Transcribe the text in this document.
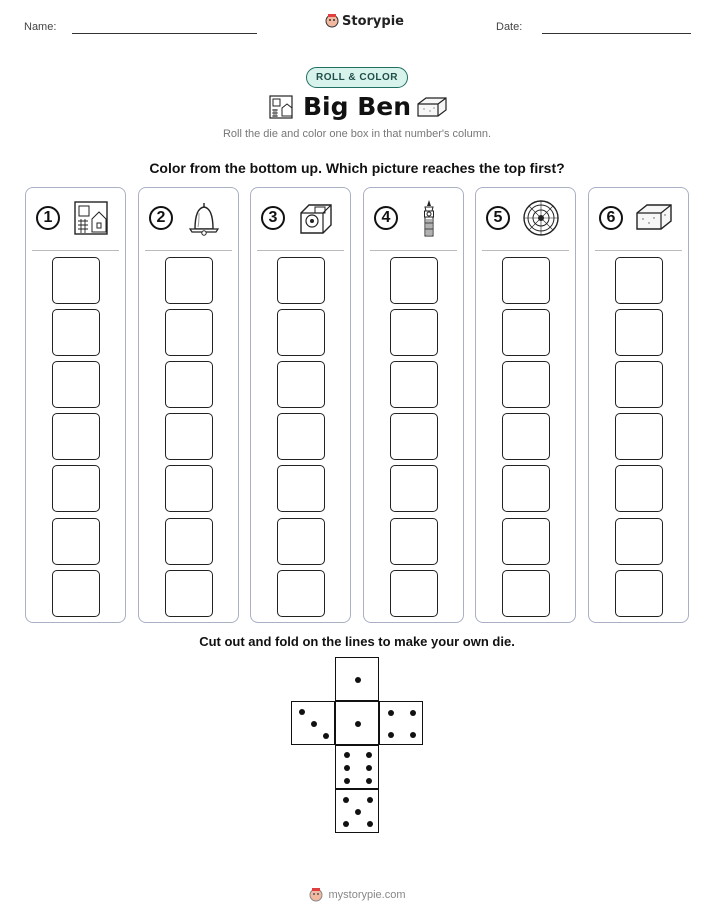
Name:	Storypie	Date:
ROLL & COLOR
Big Ben
Roll the die and color one box in that number's column.
Color from the bottom up. Which picture reaches the top first?
1	2	3	4	5	6
Cut out and fold on the lines to make your own die.
mystorypie.com
